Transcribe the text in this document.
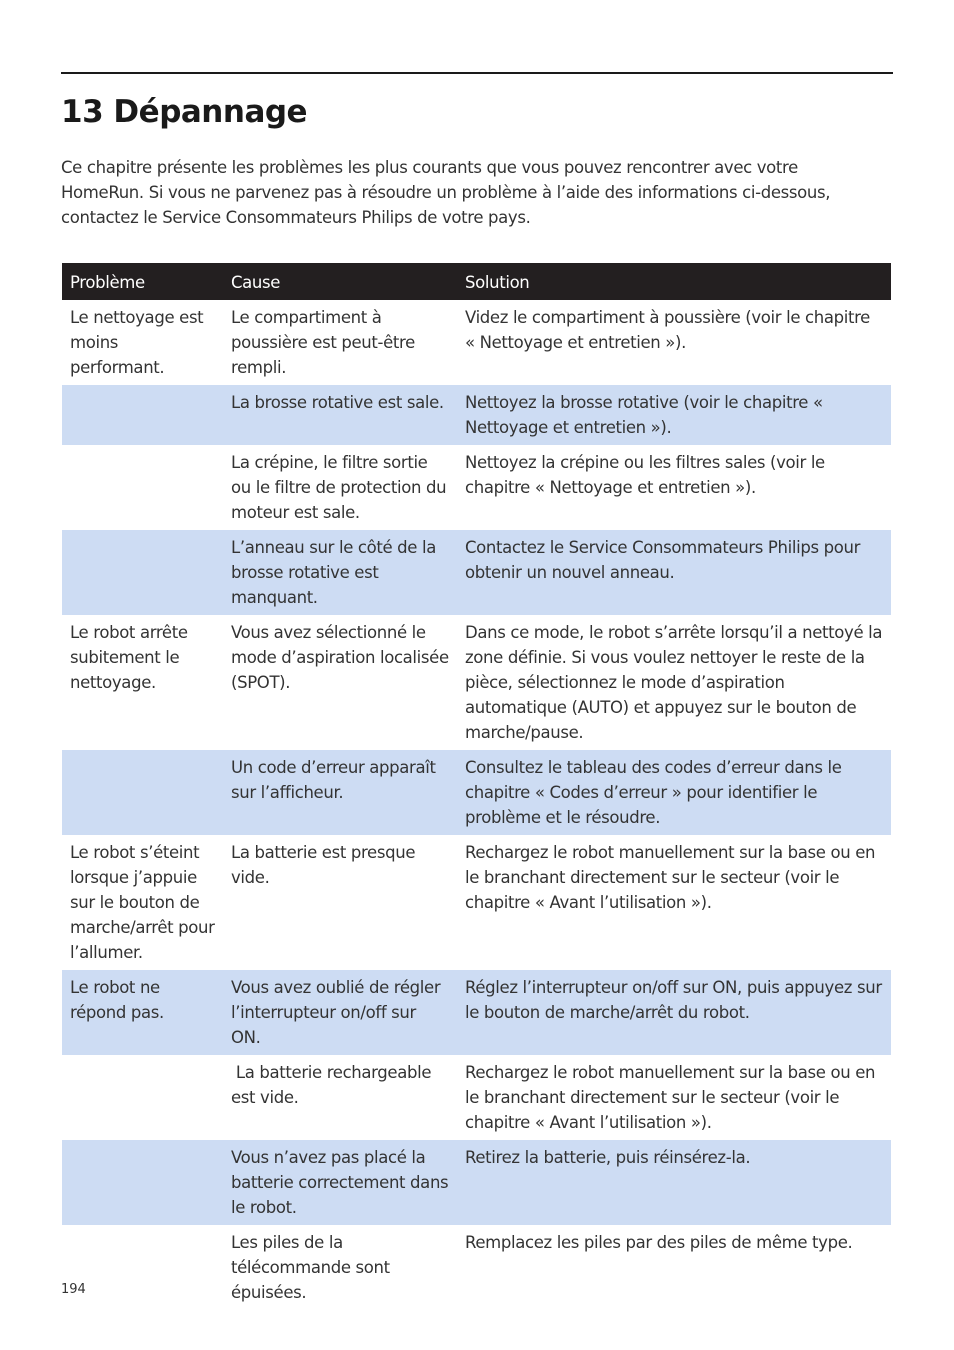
13 Dépannage

Ce chapitre présente les problèmes les plus courants que vous pouvez rencontrer avec votre HomeRun. Si vous ne parvenez pas à résoudre un problème à l’aide des informations ci-dessous, contactez le Service Consommateurs Philips de votre pays.

Problème	Cause	Solution
Le nettoyage est moins performant.	Le compartiment à poussière est peut-être rempli.	Videz le compartiment à poussière (voir le chapitre « Nettoyage et entretien »).
	La brosse rotative est sale.	Nettoyez la brosse rotative (voir le chapitre « Nettoyage et entretien »).
	La crépine, le filtre sortie ou le filtre de protection du moteur est sale.	Nettoyez la crépine ou les filtres sales (voir le chapitre « Nettoyage et entretien »).
	L’anneau sur le côté de la brosse rotative est manquant.	Contactez le Service Consommateurs Philips pour obtenir un nouvel anneau.
Le robot arrête subitement le nettoyage.	Vous avez sélectionné le mode d’aspiration localisée (SPOT).	Dans ce mode, le robot s’arrête lorsqu’il a nettoyé la zone définie. Si vous voulez nettoyer le reste de la pièce, sélectionnez le mode d’aspiration automatique (AUTO) et appuyez sur le bouton de marche/pause.
	Un code d’erreur apparaît sur l’afficheur.	Consultez le tableau des codes d’erreur dans le chapitre « Codes d’erreur » pour identifier le problème et le résoudre.
Le robot s’éteint lorsque j’appuie sur le bouton de marche/arrêt pour l’allumer.	La batterie est presque vide.	Rechargez le robot manuellement sur la base ou en le branchant directement sur le secteur (voir le chapitre « Avant l’utilisation »).
Le robot ne répond pas.	Vous avez oublié de régler l’interrupteur on/off sur ON.	Réglez l’interrupteur on/off sur ON, puis appuyez sur le bouton de marche/arrêt du robot.
	La batterie rechargeable est vide.	Rechargez le robot manuellement sur la base ou en le branchant directement sur le secteur (voir le chapitre « Avant l’utilisation »).
	Vous n’avez pas placé la batterie correctement dans le robot.	Retirez la batterie, puis réinsérez-la.
	Les piles de la télécommande sont épuisées.	Remplacez les piles par des piles de même type.
194
